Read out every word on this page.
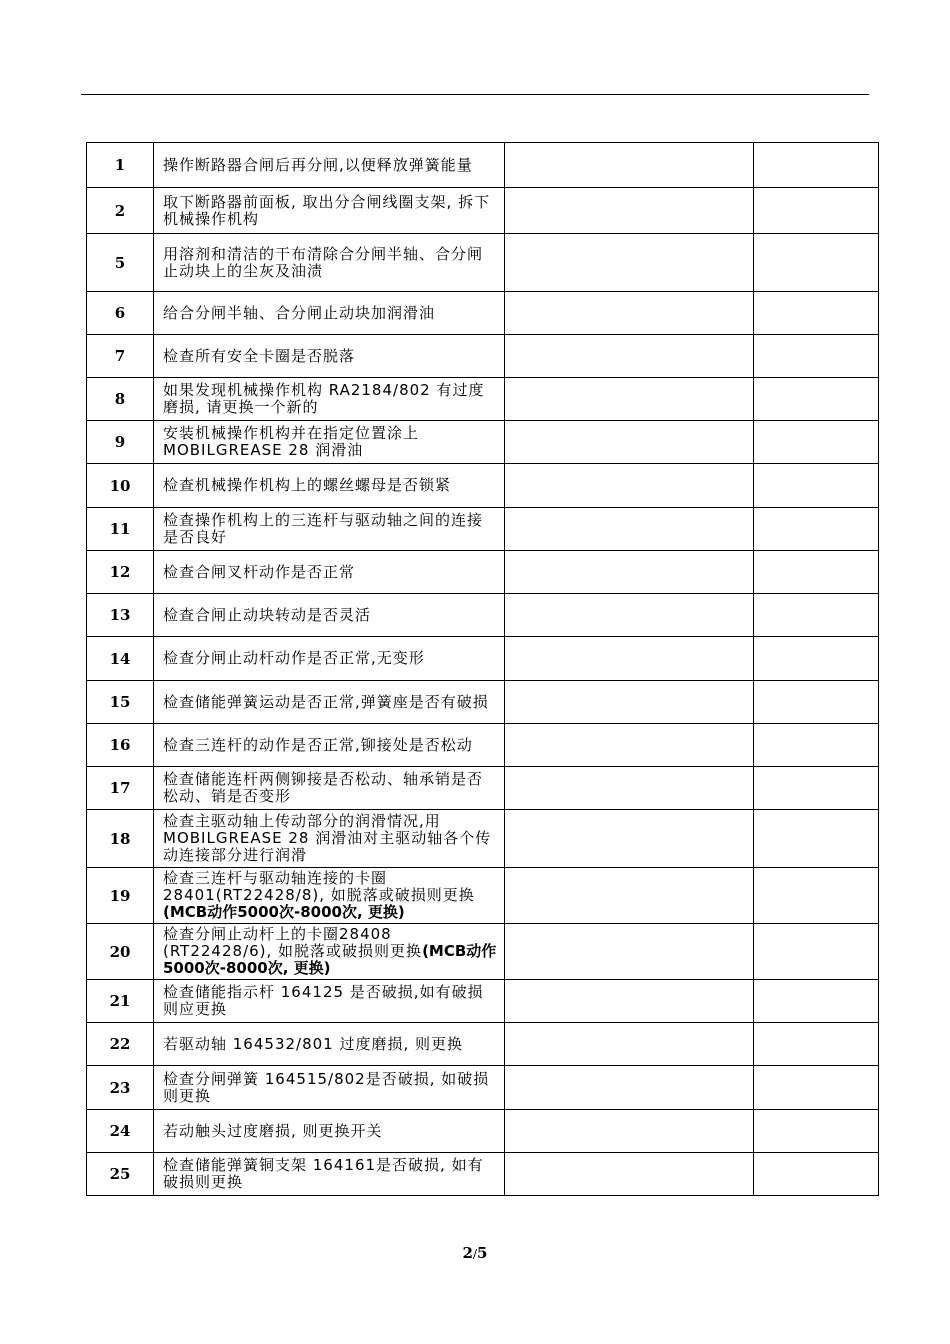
1	操作断路器合闸后再分闸,以便释放弹簧能量		
2	取下断路器前面板, 取出分合闸线圈支架, 拆下机械操作机构		
5	用溶剂和清洁的干布清除合分闸半轴、合分闸止动块上的尘灰及油渍		
6	给合分闸半轴、合分闸止动块加润滑油		
7	检查所有安全卡圈是否脱落		
8	如果发现机械操作机构 RA2184/802 有过度磨损, 请更换一个新的		
9	安装机械操作机构并在指定位置涂上 MOBILGREASE 28 润滑油		
10	检查机械操作机构上的螺丝螺母是否锁紧		
11	检查操作机构上的三连杆与驱动轴之间的连接是否良好		
12	检查合闸叉杆动作是否正常		
13	检查合闸止动块转动是否灵活		
14	检查分闸止动杆动作是否正常,无变形		
15	检查储能弹簧运动是否正常,弹簧座是否有破损		
16	检查三连杆的动作是否正常,铆接处是否松动		
17	检查储能连杆两侧铆接是否松动、轴承销是否松动、销是否变形		
18	检查主驱动轴上传动部分的润滑情况,用 MOBILGREASE 28 润滑油对主驱动轴各个传动连接部分进行润滑		
19	检查三连杆与驱动轴连接的卡圈 28401(RT22428/8), 如脱落或破损则更换(MCB动作5000次-8000次, 更换)		
20	检查分闸止动杆上的卡圈28408 (RT22428/6), 如脱落或破损则更换(MCB动作5000次-8000次, 更换)		
21	检查储能指示杆 164125 是否破损,如有破损则应更换		
22	若驱动轴 164532/801 过度磨损, 则更换		
23	检查分闸弹簧 164515/802是否破损, 如破损则更换		
24	若动触头过度磨损, 则更换开关		
25	检查储能弹簧铜支架 164161是否破损, 如有破损则更换		
2/5
